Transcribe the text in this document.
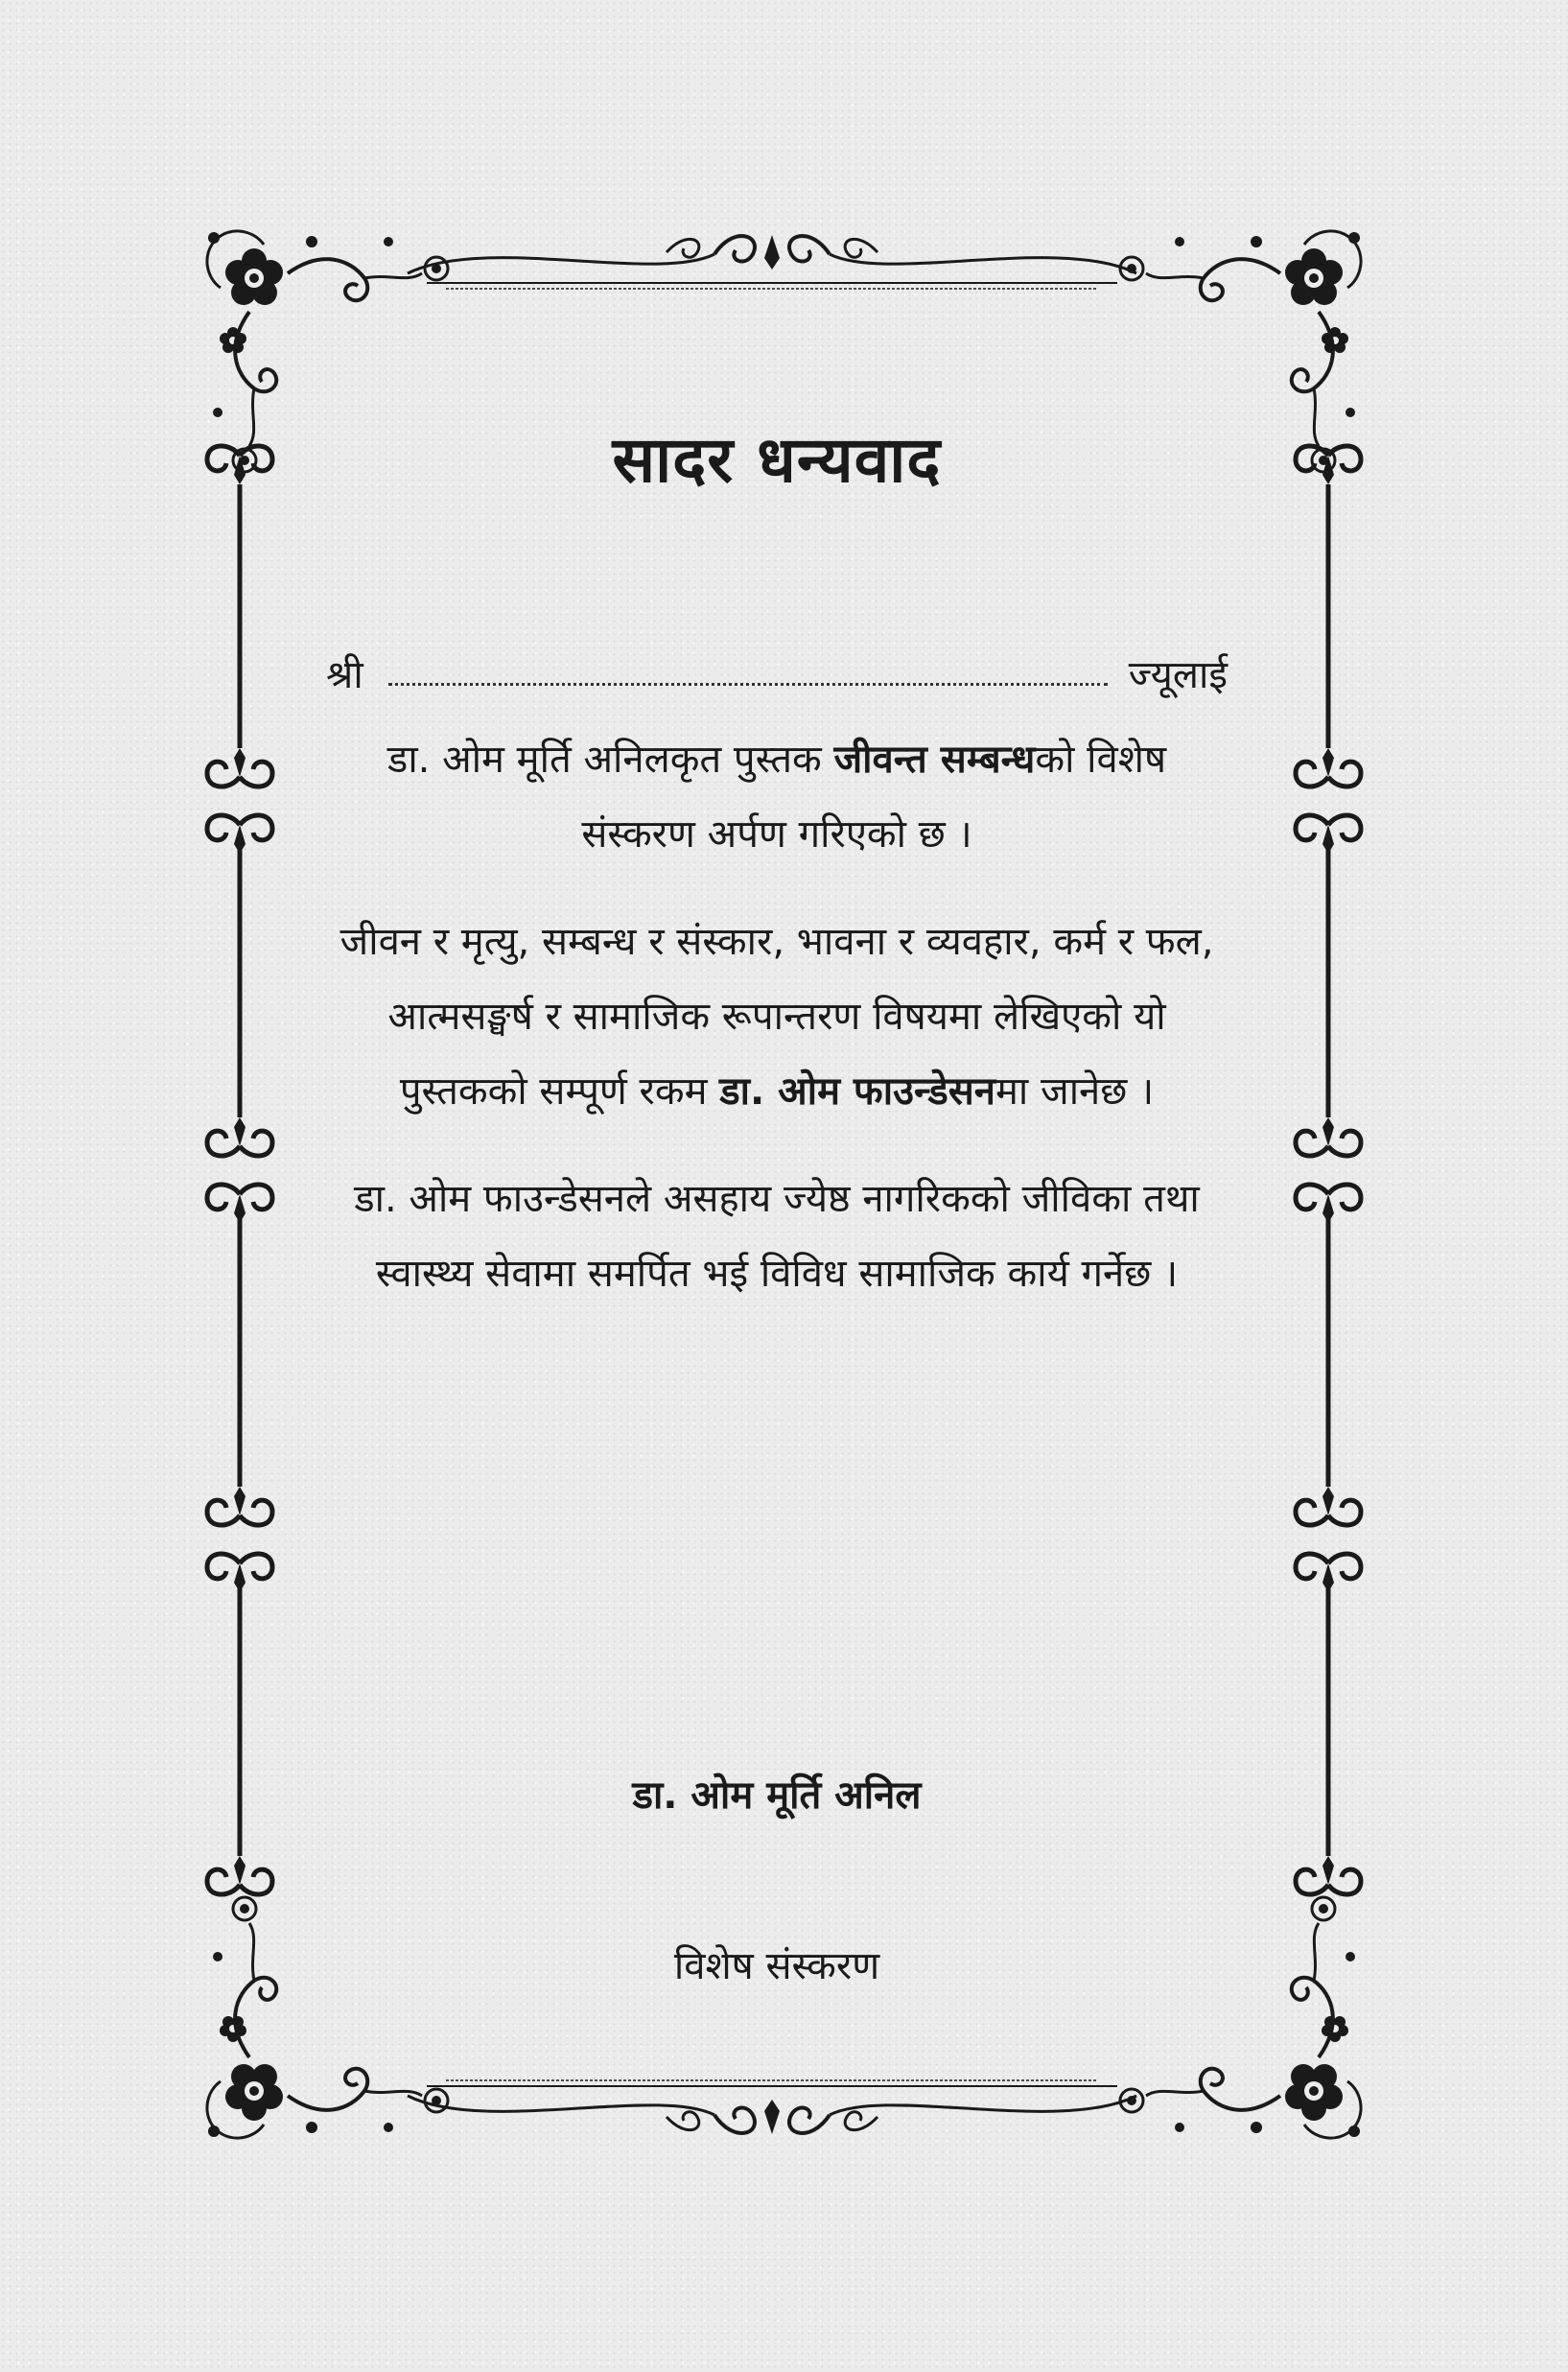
सादर धन्यवाद
श्री	ज्यूलाई

डा. ओम मूर्ति अनिलकृत पुस्तक जीवन्त सम्बन्धको विशेष संस्करण अर्पण गरिएको छ ।

जीवन र मृत्यु, सम्बन्ध र संस्कार, भावना र व्यवहार, कर्म र फल, आत्मसङ्घर्ष र सामाजिक रूपान्तरण विषयमा लेखिएको यो पुस्तकको सम्पूर्ण रकम डा. ओम फाउन्डेसनमा जानेछ ।

डा. ओम फाउन्डेसनले असहाय ज्येष्ठ नागरिकको जीविका तथा स्वास्थ्य सेवामा समर्पित भई विविध सामाजिक कार्य गर्नेछ ।

डा. ओम मूर्ति अनिल

विशेष संस्करण
